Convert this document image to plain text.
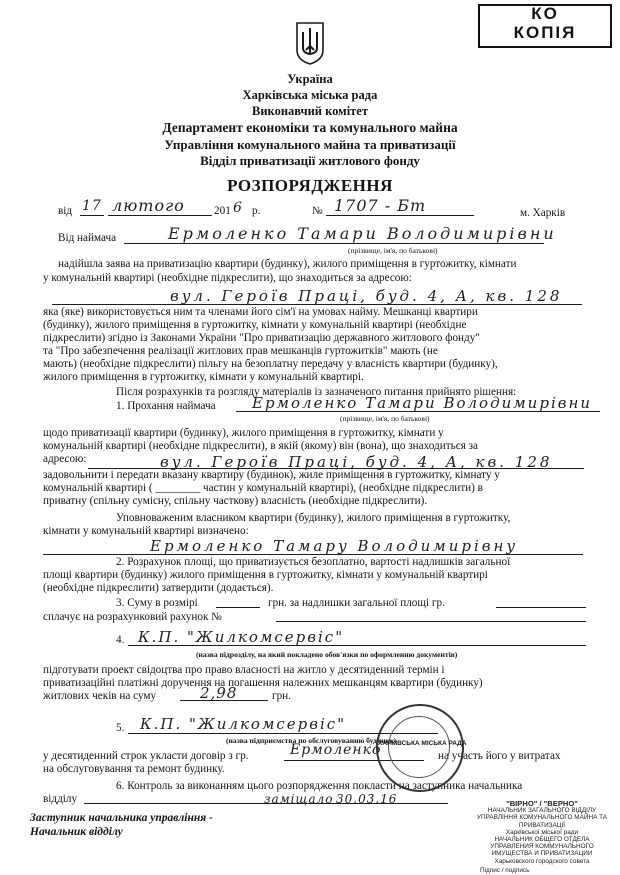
КО
КОПІЯ
Україна
Харківська міська рада
Виконавчий комітет
Департамент економіки та комунального майна
Управління комунального майна та приватизації
Відділ приватизації житлового фонду
РОЗПОРЯДЖЕННЯ
від 17 лютого	201 6 р.	№ 1707 - Бт	м. Харків
Від наймача	Ермоленко Тамари Володимирівни
(прізвище, ім'я, по батькові)
надійшла заява на приватизацію квартири (будинку), жилого приміщення в гуртожитку, кімнати
у комунальній квартирі (необхідне підкреслити), що знаходиться за адресою:
вул. Героїв Праці, буд. 4, А, кв. 128
яка (яке) використовується ним та членами його сім'ї на умовах найму. Мешканці квартири
(будинку), жилого приміщення в гуртожитку, кімнати у комунальній квартирі (необхідне
підкреслити) згідно із Законами України "Про приватизацію державного житлового фонду"
та "Про забезпечення реалізації житлових прав мешканців гуртожитків" мають (не
мають) (необхідне підкреслити) пільгу на безоплатну передачу у власність квартири (будинку),
жилого приміщення в гуртожитку, кімнати у комунальній квартирі.
Після розрахунків та розгляду матеріалів із зазначеного питання прийнято рішення:
1. Прохання наймача Ермоленко Тамари Володимирівни
(прізвище, ім'я, по батькові)
щодо приватизації квартири (будинку), жилого приміщення в гуртожитку, кімнати у
комунальній квартирі (необхідне підкреслити), в якій (якому) він (вона), що знаходиться за
адресою:	вул. Героїв Праці, буд. 4, А, кв. 128
задовольнити і передати вказану квартиру (будинок), жиле приміщення в гуртожитку, кімнату у
комунальній квартирі ( ________ частин у комунальній квартирі), (необхідне підкреслити) в
приватну (спільну сумісну, спільну часткову) власність (необхідне підкреслити).
Уповноваженим власником квартири (будинку), жилого приміщення в гуртожитку,
кімнати у комунальній квартирі визначено:
Ермоленко Тамару Володимирівну
2. Розрахунок площі, що приватизується безоплатно, вартості надлишків загальної
площі квартири (будинку) жилого приміщення в гуртожитку, кімнати у комунальній квартирі
(необхідне підкреслити) затвердити (додається).
3. Суму в розмірі	грн. за надлишки загальної площі гр.
сплачує на розрахунковий рахунок №
4. К.П. "Жилкомсервіс"
(назва підрозділу, на який покладено обов'язки по оформленню документів)
підготувати проект свідоцтва про право власності на житло у десятиденний термін і
приватизаційні платіжні доручення на погашення належних мешканцям квартири (будинку)
житлових чеків на суму	2,98	грн.
5. К.П. "Жилкомсервіс"
(назва підприємства по обслуговуванню будинку)
у десятиденний строк укласти договір з гр.	Ермоленко	на участь його у витратах
на обслуговування та ремонт будинку.
6. Контроль за виконанням цього розпорядження покласти на заступника начальника
відділу	заміщало 30.03.16
Заступник начальника управління -
Начальник відділу
ХАРКІВСЬКА МІСЬКА РАДА
"ВІРНО" / "ВЕРНО"
НАЧАЛЬНИК ЗАГАЛЬНОГО ВІДДІЛУ
УПРАВЛІННЯ КОМУНАЛЬНОГО МАЙНА ТА ПРИВАТИЗАЦІЇ
Харківської міської ради
НАЧАЛЬНИК ОБЩЕГО ОТДЕЛА
УПРАВЛЕНИЯ КОММУНАЛЬНОГО ИМУЩЕСТВА И ПРИВАТИЗАЦИИ
Харьковского городского совета
Підпис / подпись
